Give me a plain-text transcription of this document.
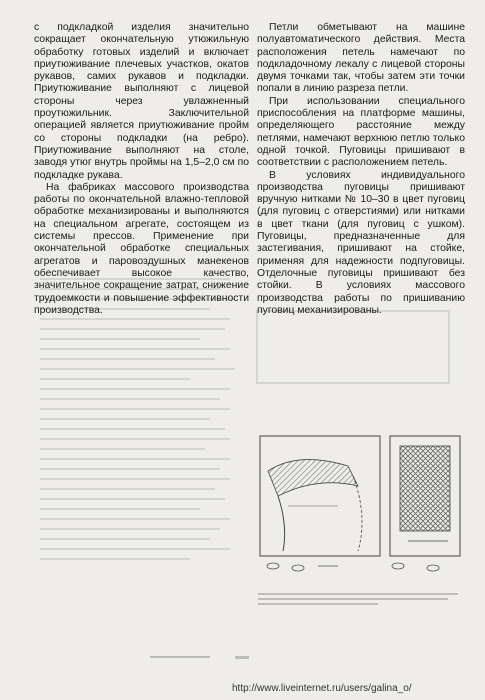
с подкладкой изделия значительно сокращает окончательную утюжильную обработку готовых изделий и включает приутюживание плечевых участков, окатов рукавов, самих рукавов и подкладки. Приутюживание выполняют с лицевой стороны через увлажненный проутюжильник. Заключительной операцией является приутюживание пройм со стороны подкладки (на ребро). Приутюживание выполняют на столе, заводя утюг внутрь проймы на 1,5–2,0 см по подкладке рукава.

На фабриках массового производства работы по окончательной влажно-тепловой обработке механизированы и выполняются на специальном агрегате, состоящем из системы прессов. Применение при окончательной обработке специальных агрегатов и паровоздушных манекенов обеспечивает высокое качество, значительное сокращение затрат, снижение трудоемкости и повышение эффективности производства.

Петли обметывают на машине полуавтоматического действия. Места расположения петель намечают по подкладочному лекалу с лицевой стороны двумя точками так, чтобы затем эти точки попали в линию разреза петли.

При использовании специального приспособления на платформе машины, определяющего расстояние между петлями, намечают верхнюю петлю только одной точкой. Пуговицы пришивают в соответствии с расположением петель.

В условиях индивидуального производства пуговицы пришивают вручную нитками № 10–30 в цвет пуговиц (для пуговиц с отверстиями) или нитками в цвет ткани (для пуговиц с ушком). Пуговицы, предназначенные для застегивания, пришивают на стойке, применяя для надежности подпуговицы. Отделочные пуговицы пришивают без стойки. В условиях массового производства работы по пришиванию пуговиц механизированы.

http://www.liveinternet.ru/users/galina_o/
